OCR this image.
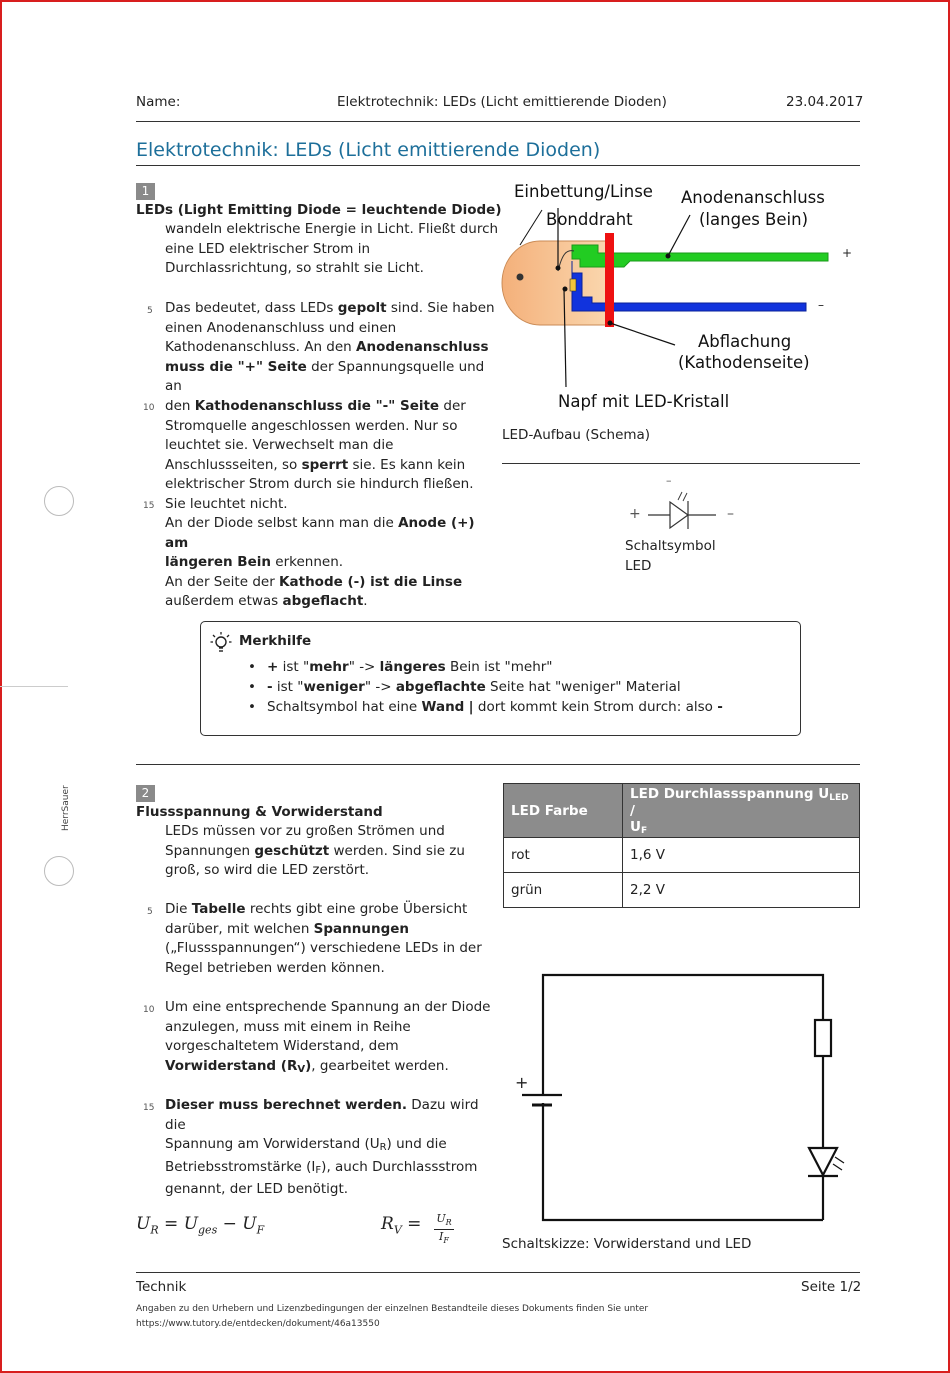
Name:	Elektrotechnik: LEDs (Licht emittierende Dioden)	23.04.2017
Elektrotechnik: LEDs (Licht emittierende Dioden)
HerrSauer
1
LEDs (Light Emitting Diode = leuchtende Diode)
wandeln elektrische Energie in Licht. Fließt durch
eine LED elektrischer Strom in
Durchlassrichtung, so strahlt sie Licht.
Das bedeutet, dass LEDs gepolt sind. Sie haben
einen Anodenanschluss und einen
Kathodenanschluss. An den Anodenanschluss
muss die "+" Seite der Spannungsquelle und an
den Kathodenanschluss die "-" Seite der
Stromquelle angeschlossen werden. Nur so
leuchtet sie. Verwechselt man die
Anschlussseiten, so sperrt sie. Es kann kein
elektrischer Strom durch sie hindurch fließen.
Sie leuchtet nicht.
5
10
15
An der Diode selbst kann man die Anode (+) am
längeren Bein erkennen.
An der Seite der Kathode (-) ist die Linse
außerdem etwas abgeflacht.
Einbettung/Linse
Bonddraht
Anodenanschluss
(langes Bein)
Abflachung
(Kathodenseite)
Napf mit LED-Kristall
+
–
LED-Aufbau (Schema)
+	–
–
Schaltsymbol
LED
Merkhilfe
• + ist "mehr" -> längeres Bein ist "mehr"
• - ist "weniger" -> abgeflachte Seite hat "weniger" Material
• Schaltsymbol hat eine Wand | dort kommt kein Strom durch: also -
2
Flussspannung & Vorwiderstand
LEDs müssen vor zu großen Strömen und
Spannungen geschützt werden. Sind sie zu
groß, so wird die LED zerstört.
Die Tabelle rechts gibt eine grobe Übersicht
darüber, mit welchen Spannungen
(„Flussspannungen“) verschiedene LEDs in der
Regel betrieben werden können.
Um eine entsprechende Spannung an der Diode
anzulegen, muss mit einem in Reihe
vorgeschaltetem Widerstand, dem
Vorwiderstand (RV), gearbeitet werden.
Dieser muss berechnet werden. Dazu wird die
Spannung am Vorwiderstand (UR) und die
Betriebsstromstärke (IF), auch Durchlassstrom
genannt, der LED benötigt.
5
10
15
LED Farbe	LED Durchlassspannung ULED /
UF
rot	1,6 V
grün	2,2 V
+
Schaltskizze: Vorwiderstand und LED
$U_R = U_{ges} - U_F$	$R_V = U_R$
$I_F$
Technik	Seite 1/2
Angaben zu den Urhebern und Lizenzbedingungen der einzelnen Bestandteile dieses Dokuments finden Sie unter
https://www.tutory.de/entdecken/dokument/46a13550
